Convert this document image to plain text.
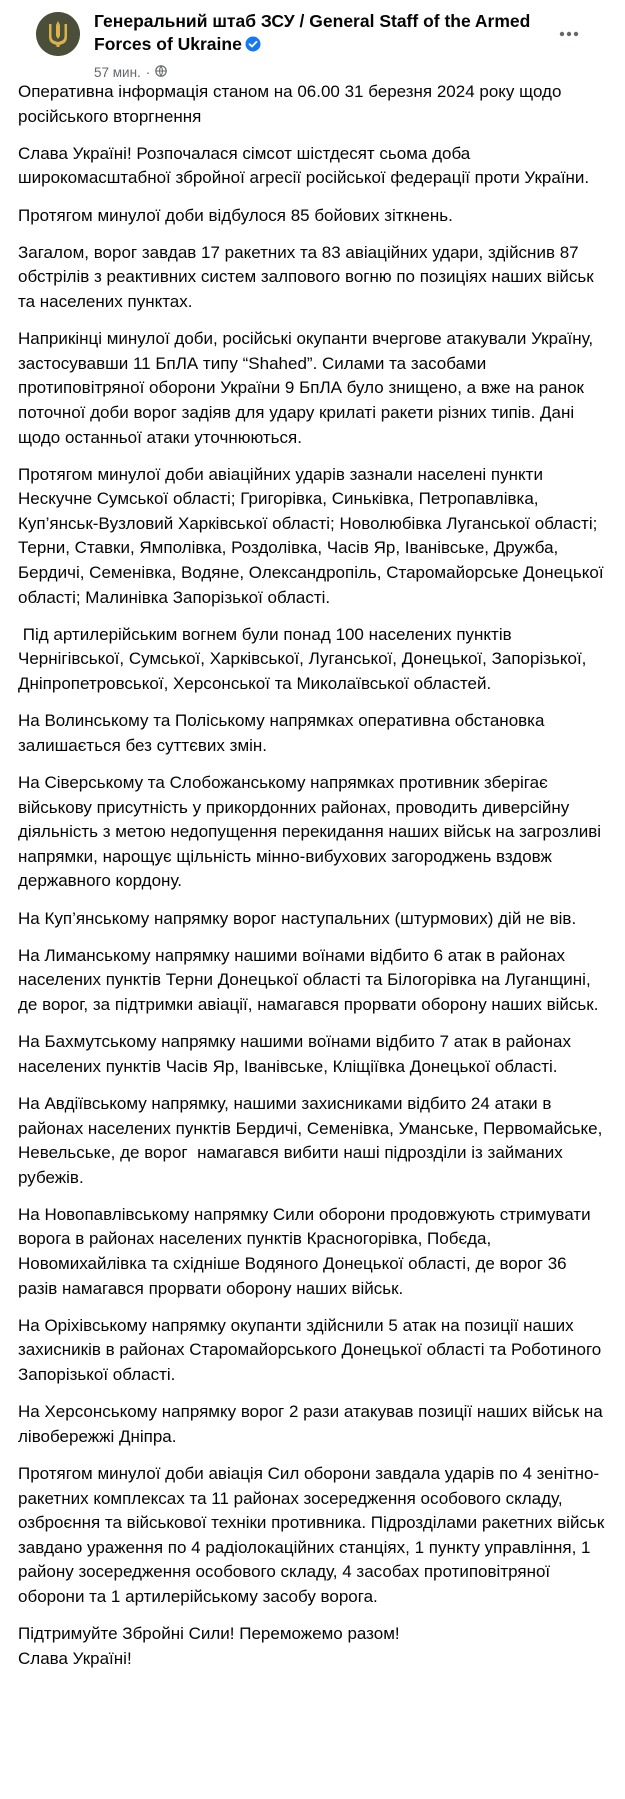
Генеральний штаб ЗСУ / General Staff of the Armed Forces of Ukraine
57 мин. ·
Оперативна інформація станом на 06.00 31 березня 2024 року щодо російського вторгнення
Слава Україні! Розпочалася сімсот шістдесят сьома доба широкомасштабної збройної агресії російської федерації проти України.
Протягом минулої доби відбулося 85 бойових зіткнень.
Загалом, ворог завдав 17 ракетних та 83 авіаційних удари, здійснив 87 обстрілів з реактивних систем залпового вогню по позиціях наших військ та населених пунктах.
Наприкінці минулої доби, російські окупанти вчергове атакували Україну, застосувавши 11 БпЛА типу “Shahed”. Силами та засобами протиповітряної оборони України 9 БпЛА було знищено, а вже на ранок поточної доби ворог задіяв для удару крилаті ракети різних типів. Дані щодо останньої атаки уточнюються.
Протягом минулої доби авіаційних ударів зазнали населені пункти Нескучне Сумської області; Григорівка, Синьківка, Петропавлівка, Куп’янськ-Вузловий Харківської області; Новолюбівка Луганської області; Терни, Ставки, Ямполівка, Роздолівка, Часів Яр, Іванівське, Дружба, Бердичі, Семенівка, Водяне, Олександропіль, Старомайорське Донецької області; Малинівка Запорізької області.
Під артилерійським вогнем були понад 100 населених пунктів Чернігівської, Сумської, Харківської, Луганської, Донецької, Запорізької, Дніпропетровської, Херсонської та Миколаївської областей.
На Волинському та Поліському напрямках оперативна обстановка залишається без суттєвих змін.
На Сіверському та Слобожанському напрямках противник зберігає військову присутність у прикордонних районах, проводить диверсійну діяльність з метою недопущення перекидання наших військ на загрозливі напрямки, нарощує щільність мінно-вибухових загороджень вздовж державного кордону.
На Куп’янському напрямку ворог наступальних (штурмових) дій не вів.
На Лиманському напрямку нашими воїнами відбито 6 атак в районах населених пунктів Терни Донецької області та Білогорівка на Луганщині, де ворог, за підтримки авіації, намагався прорвати оборону наших військ.
На Бахмутському напрямку нашими воїнами відбито 7 атак в районах населених пунктів Часів Яр, Іванівське, Кліщіївка Донецької області.
На Авдіївському напрямку, нашими захисниками відбито 24 атаки в районах населених пунктів Бердичі, Семенівка, Уманське, Первомайське, Невельське, де ворог  намагався вибити наші підрозділи із займаних рубежів.
На Новопавлівському напрямку Сили оборони продовжують стримувати ворога в районах населених пунктів Красногорівка, Побєда, Новомихайлівка та східніше Водяного Донецької області, де ворог 36 разів намагався прорвати оборону наших військ.
На Оріхівському напрямку окупанти здійснили 5 атак на позиції наших захисників в районах Старомайорського Донецької області та Роботиного Запорізької області.
На Херсонському напрямку ворог 2 рази атакував позиції наших військ на лівобережжі Дніпра.
Протягом минулої доби авіація Сил оборони завдала ударів по 4 зенітно-ракетних комплексах та 11 районах зосередження особового складу, озброєння та військової техніки противника. Підрозділами ракетних військ завдано ураження по 4 радіолокаційних станціях, 1 пункту управління, 1 району зосередження особового складу, 4 засобах протиповітряної оборони та 1 артилерійському засобу ворога.
Підтримуйте Збройні Сили! Переможемо разом!
Слава Україні!
